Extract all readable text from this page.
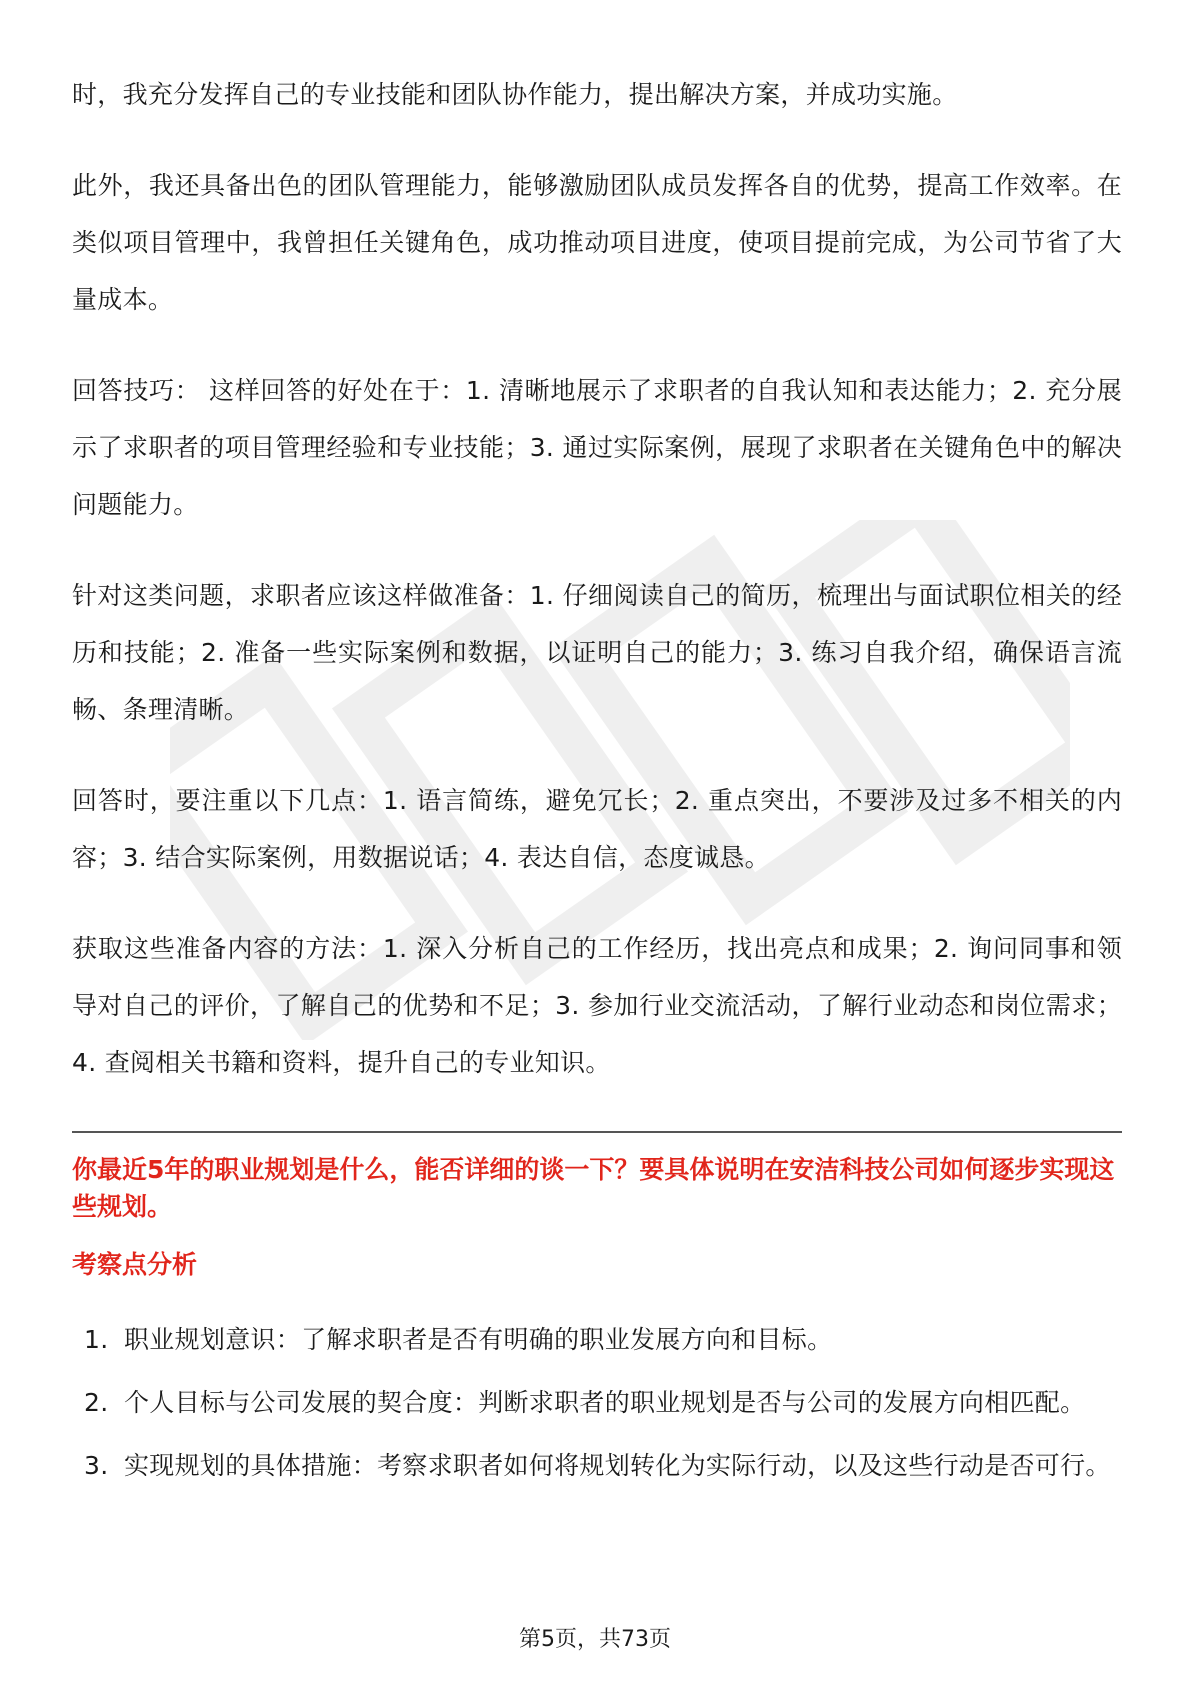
时，我充分发挥自己的专业技能和团队协作能力，提出解决方案，并成功实施。

此外，我还具备出色的团队管理能力，能够激励团队成员发挥各自的优势，提高工作效率。在类似项目管理中，我曾担任关键角色，成功推动项目进度，使项目提前完成，为公司节省了大量成本。

回答技巧： 这样回答的好处在于：1. 清晰地展示了求职者的自我认知和表达能力；2. 充分展示了求职者的项目管理经验和专业技能；3. 通过实际案例，展现了求职者在关键角色中的解决问题能力。

针对这类问题，求职者应该这样做准备：1. 仔细阅读自己的简历，梳理出与面试职位相关的经历和技能；2. 准备一些实际案例和数据，以证明自己的能力；3. 练习自我介绍，确保语言流畅、条理清晰。

回答时，要注重以下几点：1. 语言简练，避免冗长；2. 重点突出，不要涉及过多不相关的内容；3. 结合实际案例，用数据说话；4. 表达自信，态度诚恳。

获取这些准备内容的方法：1. 深入分析自己的工作经历，找出亮点和成果；2. 询问同事和领导对自己的评价，了解自己的优势和不足；3. 参加行业交流活动，了解行业动态和岗位需求；4. 查阅相关书籍和资料，提升自己的专业知识。

你最近5年的职业规划是什么，能否详细的谈一下？要具体说明在安洁科技公司如何逐步实现这些规划。
考察点分析
1. 职业规划意识：了解求职者是否有明确的职业发展方向和目标。
2. 个人目标与公司发展的契合度：判断求职者的职业规划是否与公司的发展方向相匹配。
3. 实现规划的具体措施：考察求职者如何将规划转化为实际行动，以及这些行动是否可行。
第5页，共73页
